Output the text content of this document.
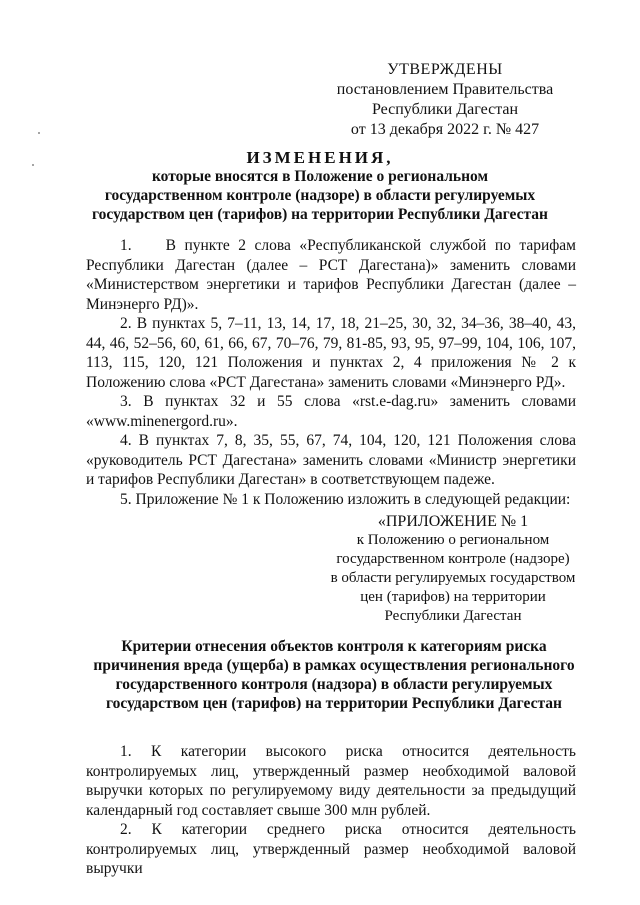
УТВЕРЖДЕНЫ
постановлением Правительства
Республики Дагестан
от 13 декабря 2022 г. № 427
ИЗМЕНЕНИЯ,
которые вносятся в Положение о региональном
государственном контроле (надзоре) в области регулируемых
государством цен (тарифов) на территории Республики Дагестан

1.    В пункте 2 слова «Республиканской службой по тарифам Республики Дагестан (далее – РСТ Дагестана)» заменить словами «Министерством энергетики и тарифов Республики Дагестан (далее – Минэнерго РД)».

2. В пунктах 5, 7–11, 13, 14, 17, 18, 21–25, 30, 32, 34–36, 38–40, 43, 44, 46, 52–56, 60, 61, 66, 67, 70–76, 79, 81-85, 93, 95, 97–99, 104, 106, 107, 113, 115, 120, 121 Положения и пунктах 2, 4 приложения № 2 к Положению слова «РСТ Дагестана» заменить словами «Минэнерго РД».

3. В пунктах 32 и 55 слова «rst.e-dag.ru» заменить словами «www.minenergord.ru».

4. В пунктах 7, 8, 35, 55, 67, 74, 104, 120, 121 Положения слова «руководитель РСТ Дагестана» заменить словами «Министр энергетики и тарифов Республики Дагестан» в соответствующем падеже.

5. Приложение № 1 к Положению изложить в следующей редакции:

«ПРИЛОЖЕНИЕ № 1
к Положению о региональном
государственном контроле (надзоре)
в области регулируемых государством
цен (тарифов) на территории
Республики Дагестан
Критерии отнесения объектов контроля к категориям риска
причинения вреда (ущерба) в рамках осуществления регионального
государственного контроля (надзора) в области регулируемых
государством цен (тарифов) на территории Республики Дагестан

1.    К    категории    высокого    риска    относится    деятельность контролируемых лиц, утвержденный размер необходимой валовой выручки которых по регулируемому виду деятельности за предыдущий календарный год составляет свыше 300 млн рублей.

2.    К    категории    среднего    риска    относится    деятельность контролируемых лиц, утвержденный размер необходимой валовой выручки
